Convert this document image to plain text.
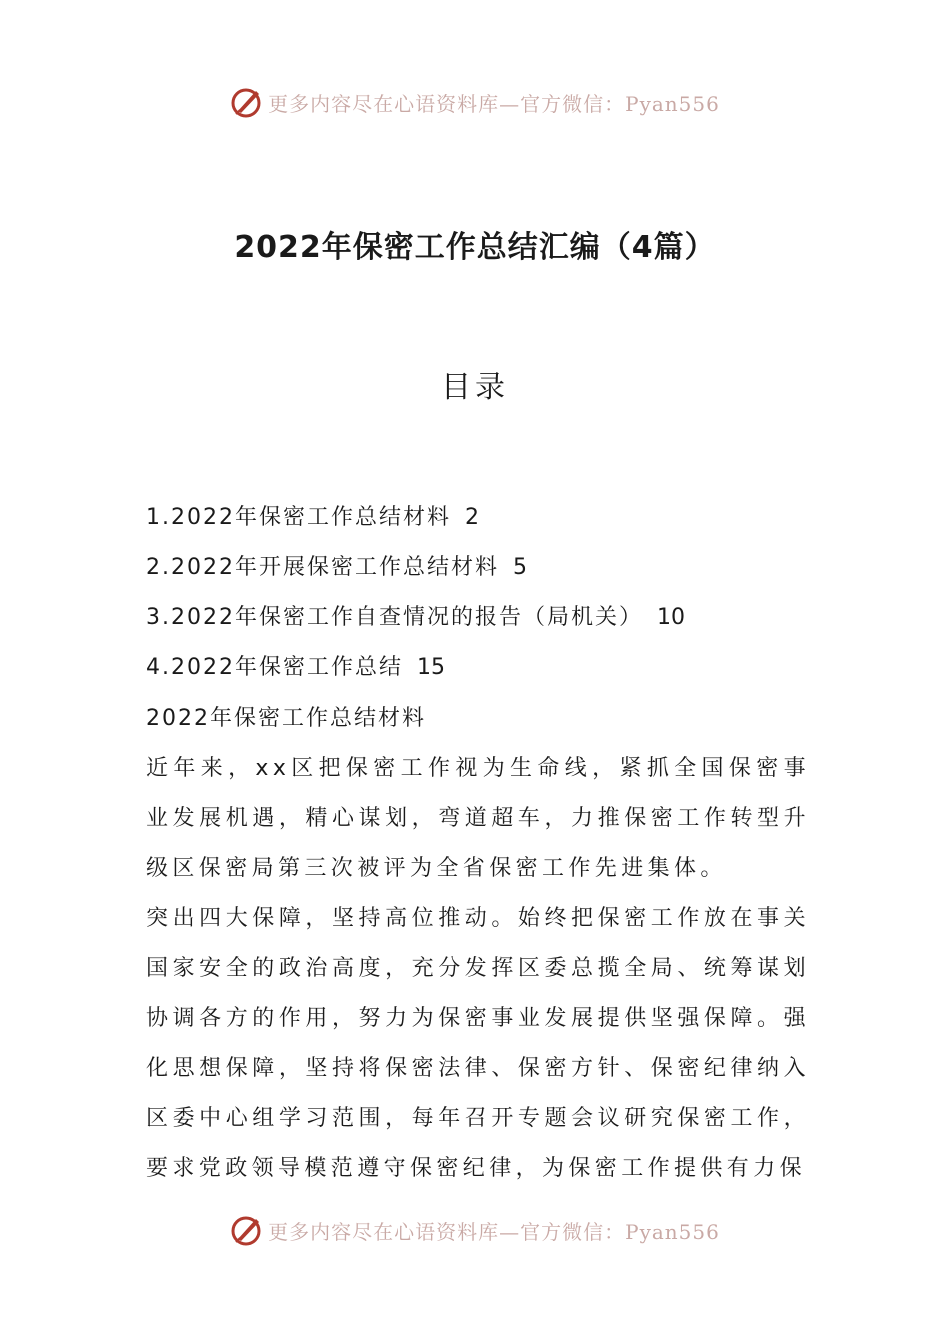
更多内容尽在心语资料库—官方微信：Pyan556
2022年保密工作总结汇编（4篇）
目录
1.2022年保密工作总结材料 2
2.2022年开展保密工作总结材料 5
3.2022年保密工作自查情况的报告（局机关） 10
4.2022年保密工作总结 15

2022年保密工作总结材料

近年来，xx区把保密工作视为生命线，紧抓全国保密事业发展机遇，精心谋划，弯道超车，力推保密工作转型升级区保密局第三次被评为全省保密工作先进集体。

突出四大保障，坚持高位推动。始终把保密工作放在事关国家安全的政治高度，充分发挥区委总揽全局、统筹谋划协调各方的作用，努力为保密事业发展提供坚强保障。强化思想保障，坚持将保密法律、保密方针、保密纪律纳入区委中心组学习范围，每年召开专题会议研究保密工作，要求党政领导模范遵守保密纪律，为保密工作提供有力保

更多内容尽在心语资料库—官方微信：Pyan556
